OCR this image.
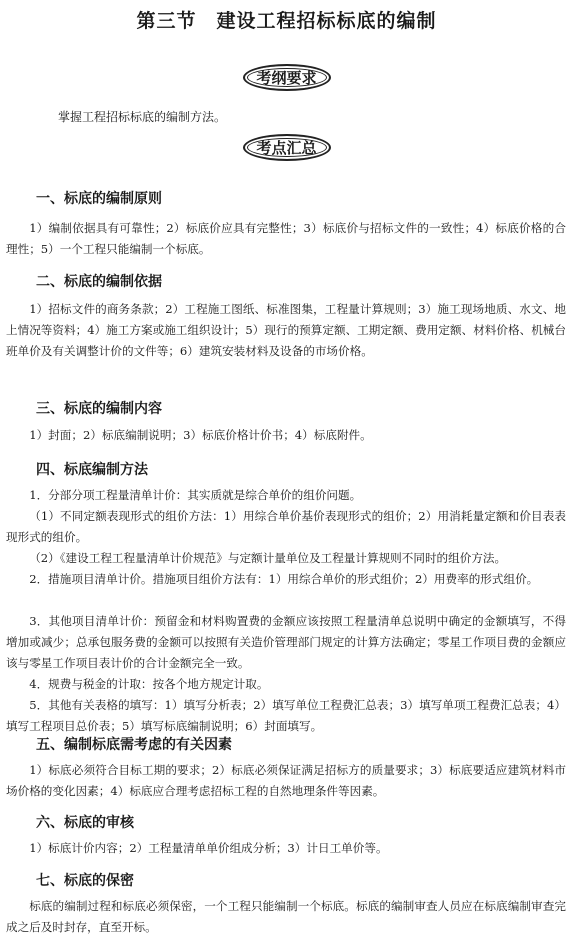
第三节　建设工程招标标底的编制
考纲要求
掌握工程招标标底的编制方法。
考点汇总
一、标底的编制原则

1）编制依据具有可靠性；2）标底价应具有完整性；3）标底价与招标文件的一致性；4）标底价格的合理性；5）一个工程只能编制一个标底。

二、标底的编制依据

1）招标文件的商务条款；2）工程施工图纸、标准图集，工程量计算规则；3）施工现场地质、水文、地上情况等资料；4）施工方案或施工组织设计；5）现行的预算定额、工期定额、费用定额、材料价格、机械台班单价及有关调整计价的文件等；6）建筑安装材料及设备的市场价格。

三、标底的编制内容

1）封面；2）标底编制说明；3）标底价格计价书；4）标底附件。

四、标底编制方法

1．分部分项工程量清单计价：其实质就是综合单价的组价问题。

（1）不同定额表现形式的组价方法：1）用综合单价基价表现形式的组价；2）用消耗量定额和价目表表现形式的组价。

（2）《建设工程工程量清单计价规范》与定额计量单位及工程量计算规则不同时的组价方法。

2．措施项目清单计价。措施项目组价方法有：1）用综合单价的形式组价；2）用费率的形式组价。

3．其他项目清单计价：预留金和材料购置费的金额应该按照工程量清单总说明中确定的金额填写，不得增加或减少；总承包服务费的金额可以按照有关造价管理部门规定的计算方法确定；零星工作项目费的金额应该与零星工作项目表计价的合计金额完全一致。

4．规费与税金的计取：按各个地方规定计取。

5．其他有关表格的填写：1）填写分析表；2）填写单位工程费汇总表；3）填写单项工程费汇总表；4）填写工程项目总价表；5）填写标底编制说明；6）封面填写。

五、编制标底需考虑的有关因素

1）标底必须符合目标工期的要求；2）标底必须保证满足招标方的质量要求；3）标底要适应建筑材料市场价格的变化因素；4）标底应合理考虑招标工程的自然地理条件等因素。

六、标底的审核

1）标底计价内容；2）工程量清单单价组成分析；3）计日工单价等。

七、标底的保密

标底的编制过程和标底必须保密，一个工程只能编制一个标底。标底的编制审查人员应在标底编制审查完成之后及时封存，直至开标。
